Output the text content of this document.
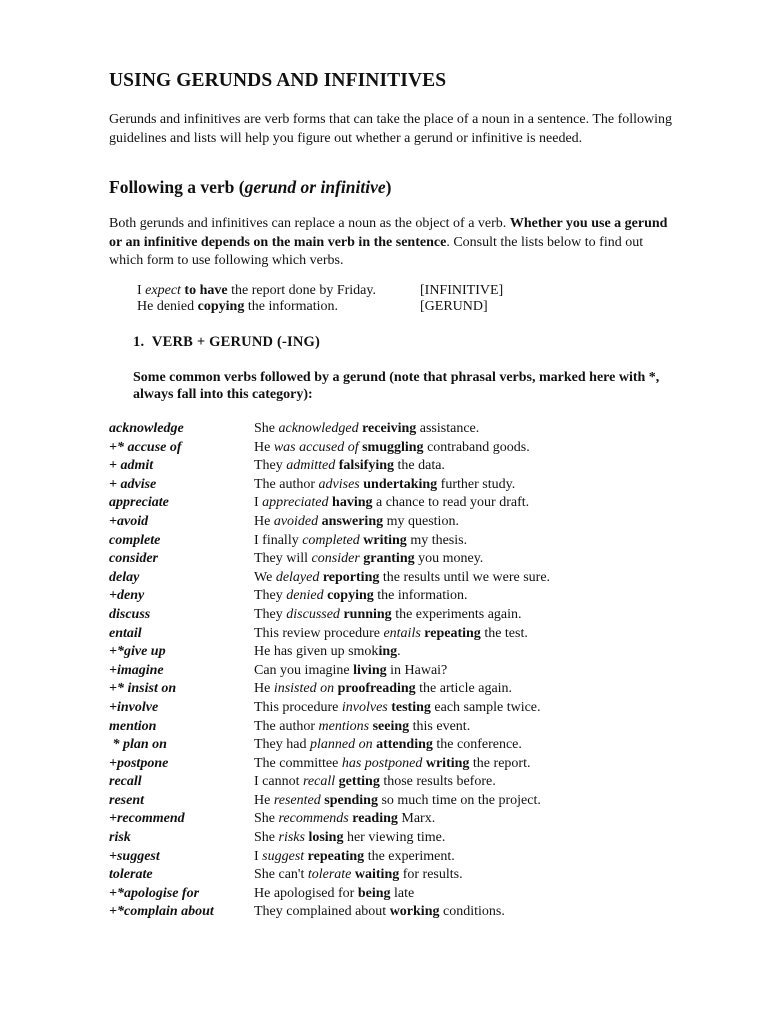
USING GERUNDS AND INFINITIVES

Gerunds and infinitives are verb forms that can take the place of a noun in a sentence. The following guidelines and lists will help you figure out whether a gerund or infinitive is needed.

Following a verb (gerund or infinitive)

Both gerunds and infinitives can replace a noun as the object of a verb. Whether you use a gerund or an infinitive depends on the main verb in the sentence. Consult the lists below to find out which form to use following which verbs.

I expect to have the report done by Friday.	[INFINITIVE]
He denied copying the information.	[GERUND]
1.  VERB + GERUND (-ING)

Some common verbs followed by a gerund (note that phrasal verbs, marked here with *, always fall into this category):

acknowledge	She acknowledged receiving assistance.
+* accuse of	He was accused of smuggling contraband goods.
+ admit	They admitted falsifying the data.
+ advise	The author advises undertaking further study.
appreciate	I appreciated having a chance to read your draft.
+avoid	He avoided answering my question.
complete	I finally completed writing my thesis.
consider	They will consider granting you money.
delay	We delayed reporting the results until we were sure.
+deny	They denied copying the information.
discuss	They discussed running the experiments again.
entail	This review procedure entails repeating the test.
+*give up	He has given up smoking.
+imagine	Can you imagine living in Hawai?
+* insist on	He insisted on proofreading the article again.
+involve	This procedure involves testing each sample twice.
mention	The author mentions seeing this event.
* plan on	They had planned on attending the conference.
+postpone	The committee has postponed writing the report.
recall	I cannot recall getting those results before.
resent	He resented spending so much time on the project.
+recommend	She recommends reading Marx.
risk	She risks losing her viewing time.
+suggest	I suggest repeating the experiment.
tolerate	She can't tolerate waiting for results.
+*apologise for	He apologised for being late
+*complain about	They complained about working conditions.
